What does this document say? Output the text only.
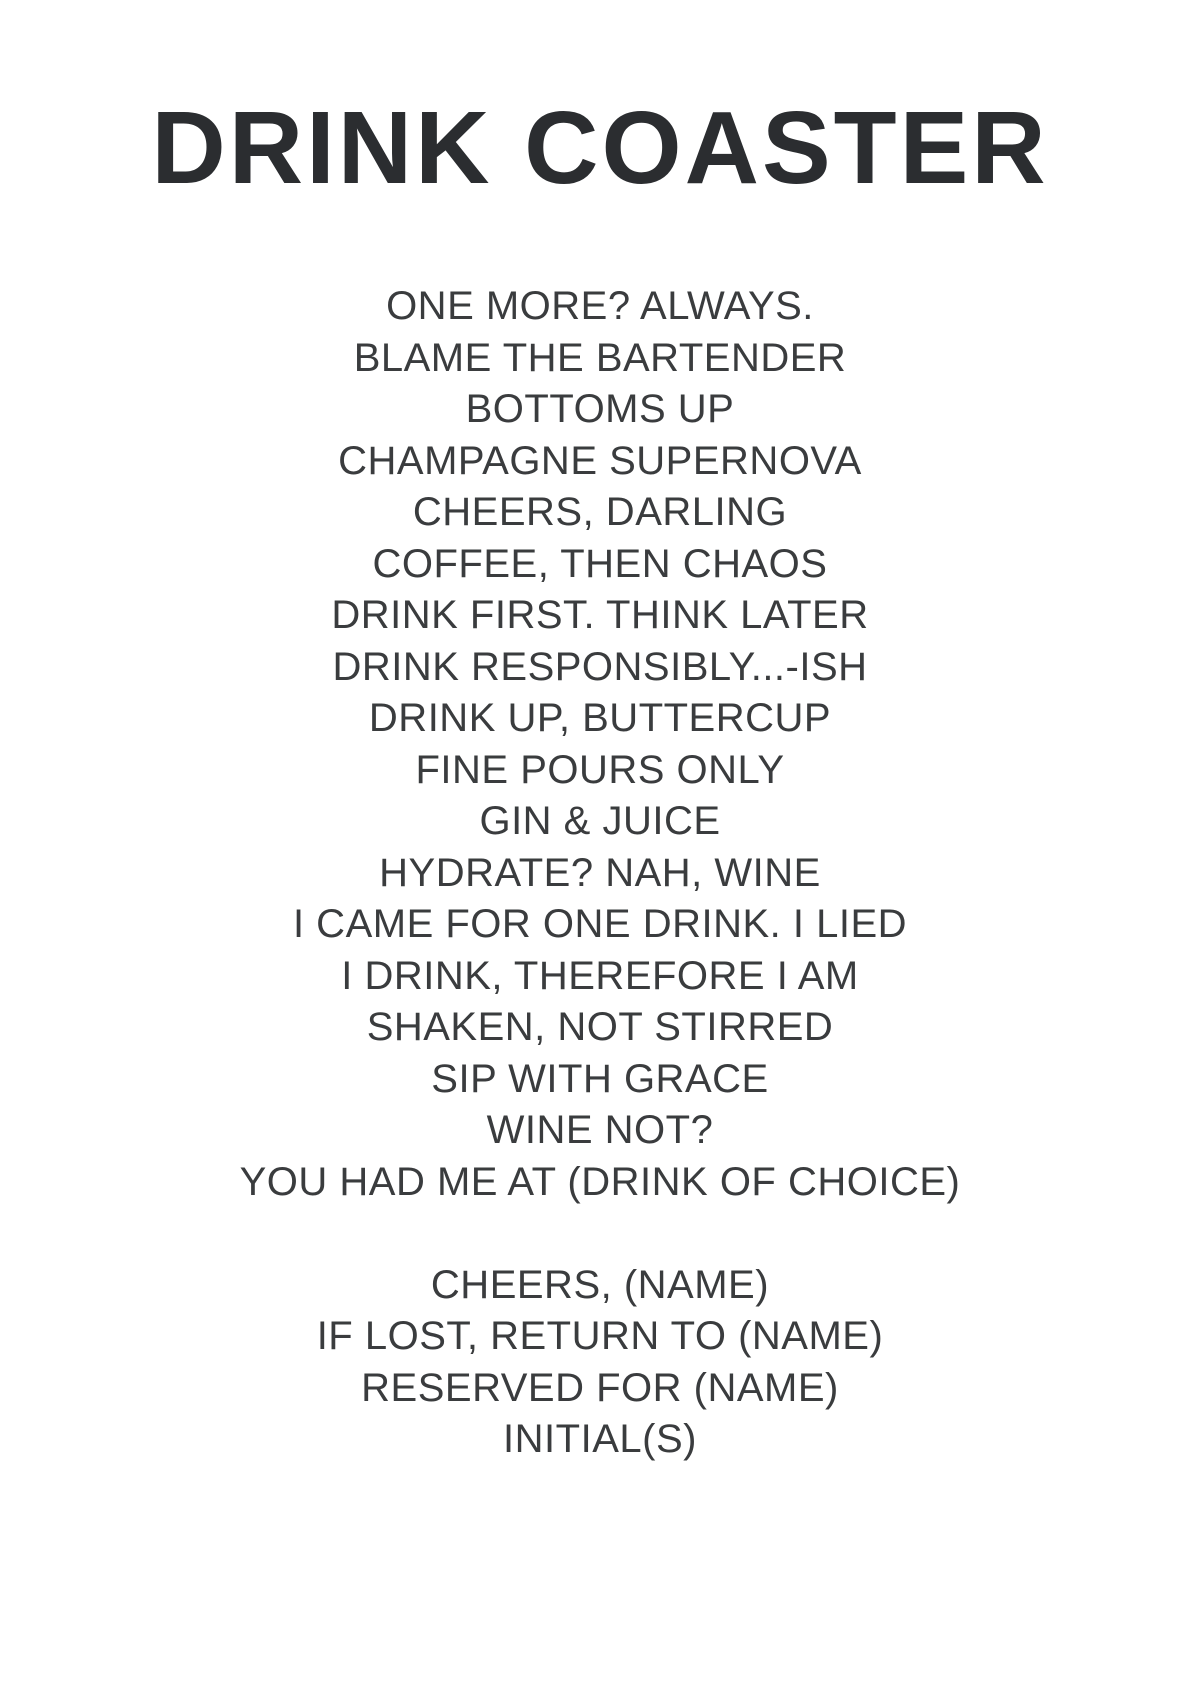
DRINK COASTER
ONE MORE? ALWAYS.
BLAME THE BARTENDER
BOTTOMS UP
CHAMPAGNE SUPERNOVA
CHEERS, DARLING
COFFEE, THEN CHAOS
DRINK FIRST. THINK LATER
DRINK RESPONSIBLY...-ISH
DRINK UP, BUTTERCUP
FINE POURS ONLY
GIN & JUICE
HYDRATE? NAH, WINE
I CAME FOR ONE DRINK. I LIED
I DRINK, THEREFORE I AM
SHAKEN, NOT STIRRED
SIP WITH GRACE
WINE NOT?
YOU HAD ME AT (DRINK OF CHOICE)
CHEERS, (NAME)
IF LOST, RETURN TO (NAME)
RESERVED FOR (NAME)
INITIAL(S)
